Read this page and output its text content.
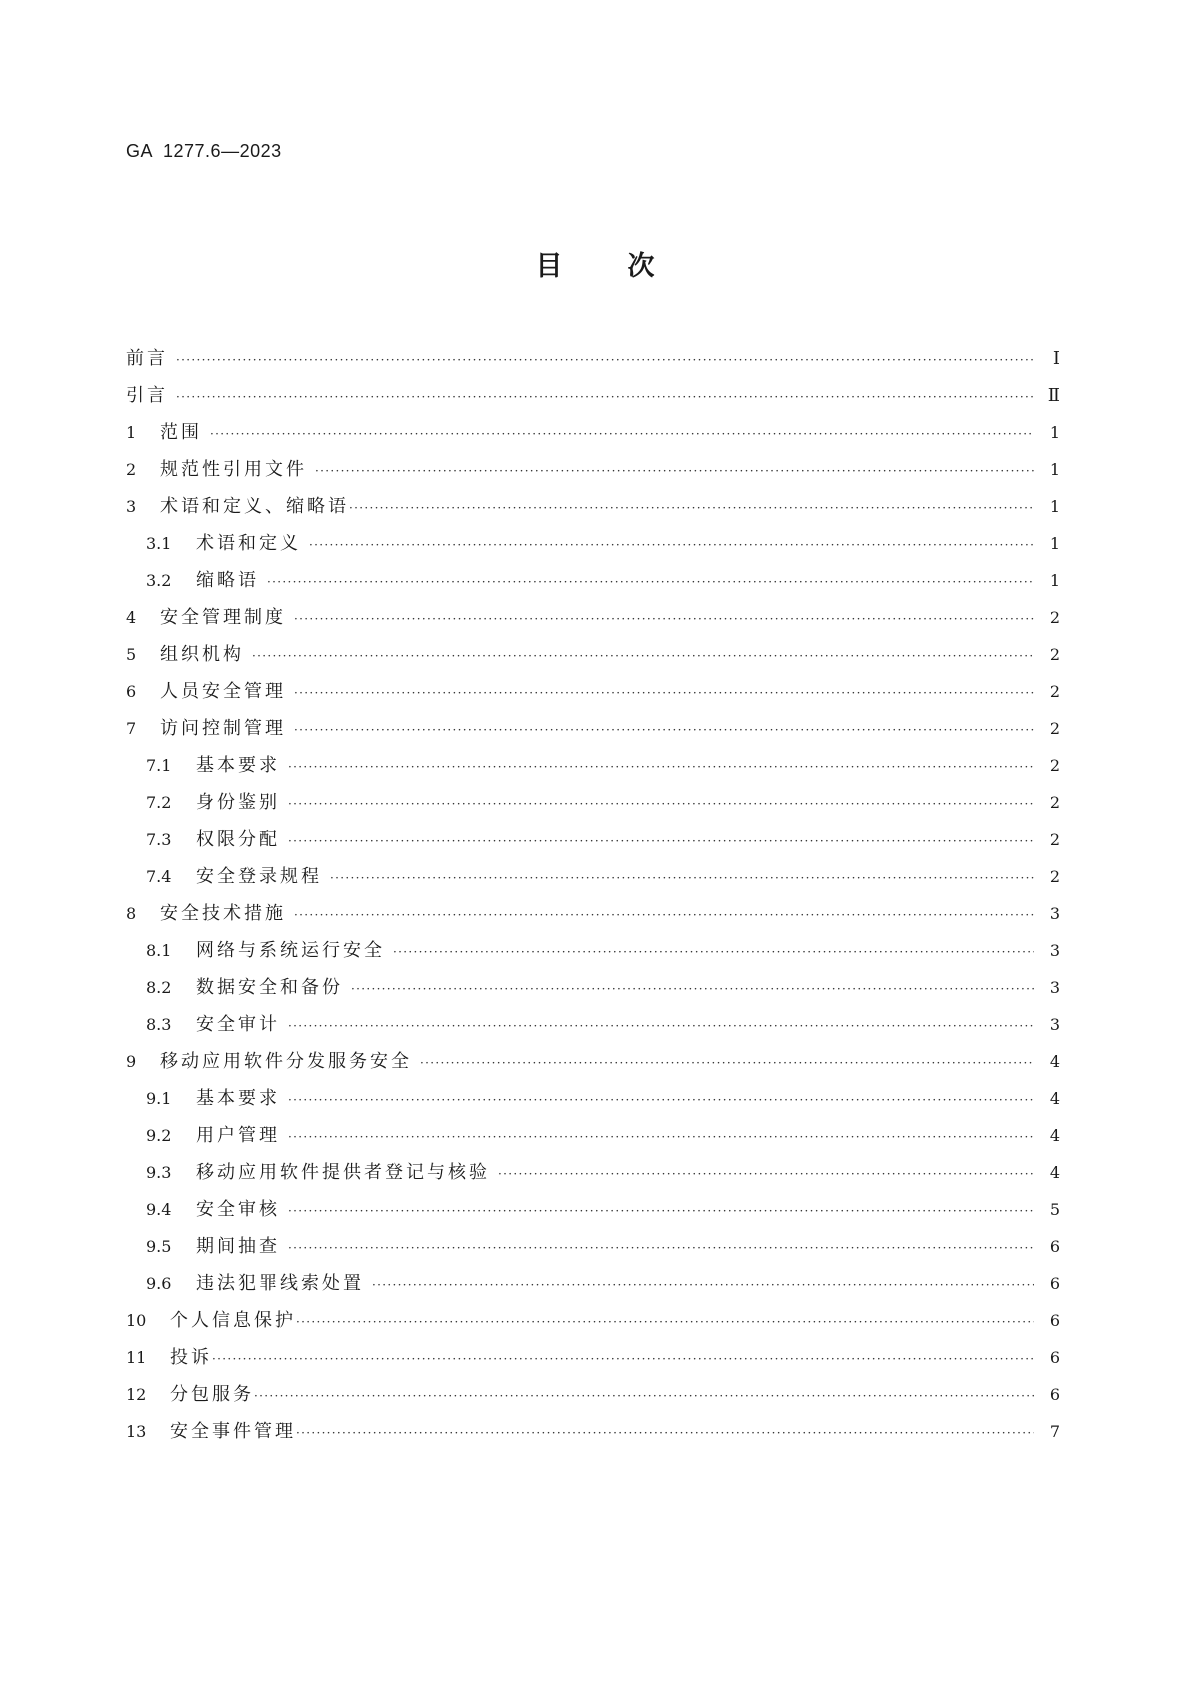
GA  1277.6—2023
目 次
前言 ·····	Ⅰ
引言 ·····	Ⅱ
1	范围 ·····	1
2	规范性引用文件 ·····	1
3	术语和定义、缩略语 ·····	1
3.1	术语和定义 ·····	1
3.2	缩略语 ·····	1
4	安全管理制度 ·····	2
5	组织机构 ·····	2
6	人员安全管理 ·····	2
7	访问控制管理 ·····	2
7.1	基本要求 ·····	2
7.2	身份鉴别 ·····	2
7.3	权限分配 ·····	2
7.4	安全登录规程 ·····	2
8	安全技术措施 ·····	3
8.1	网络与系统运行安全 ·····	3
8.2	数据安全和备份 ·····	3
8.3	安全审计 ·····	3
9	移动应用软件分发服务安全 ·····	4
9.1	基本要求 ·····	4
9.2	用户管理 ·····	4
9.3	移动应用软件提供者登记与核验 ·····	4
9.4	安全审核 ·····	5
9.5	期间抽查 ·····	6
9.6	违法犯罪线索处置 ·····	6
10	个人信息保护 ·····	6
11	投诉 ·····	6
12	分包服务 ·····	6
13	安全事件管理 ·····	7
